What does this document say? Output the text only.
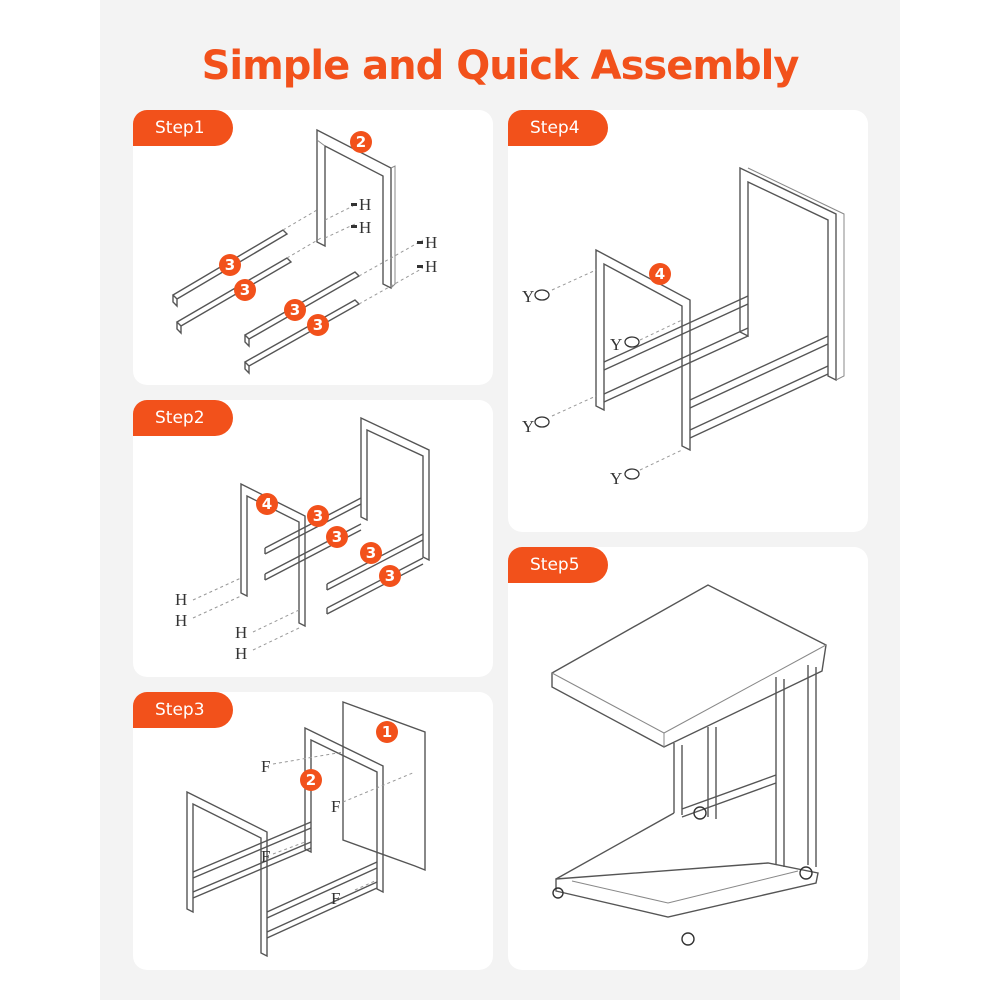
Simple and Quick Assembly
Step1
H
H
H
H
2
3
3
3
3
Step2
H
H
H
H
4
3
3
3
3
Step3
F
F
F
F
1
2
Step4
Y
Y
Y
Y
4
Step5
